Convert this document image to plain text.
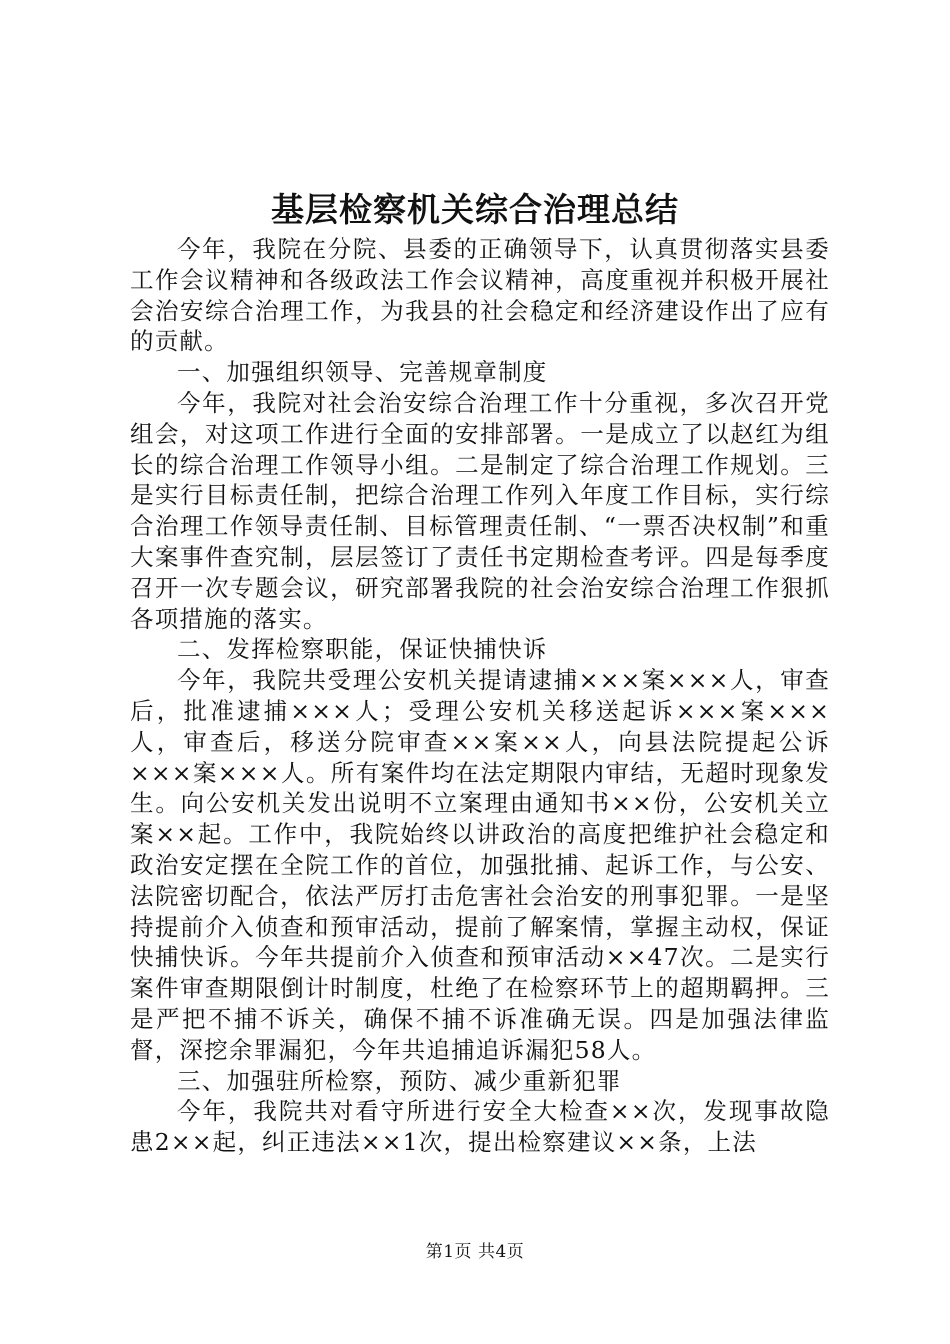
基层检察机关综合治理总结

今年，我院在分院、县委的正确领导下，认真贯彻落实县委工作会议精神和各级政法工作会议精神，高度重视并积极开展社会治安综合治理工作，为我县的社会稳定和经济建设作出了应有的贡献。

一、加强组织领导、完善规章制度

今年，我院对社会治安综合治理工作十分重视，多次召开党组会，对这项工作进行全面的安排部署。一是成立了以赵红为组长的综合治理工作领导小组。二是制定了综合治理工作规划。三是实行目标责任制，把综合治理工作列入年度工作目标，实行综合治理工作领导责任制、目标管理责任制、“一票否决权制”和重大案事件查究制，层层签订了责任书定期检查考评。四是每季度召开一次专题会议，研究部署我院的社会治安综合治理工作狠抓各项措施的落实。

二、发挥检察职能，保证快捕快诉

今年，我院共受理公安机关提请逮捕×××案×××人，审查后，批准逮捕×××人；受理公安机关移送起诉×××案×××人，审查后，移送分院审查××案××人，向县法院提起公诉×××案×××人。所有案件均在法定期限内审结，无超时现象发生。向公安机关发出说明不立案理由通知书××份，公安机关立案××起。工作中，我院始终以讲政治的高度把维护社会稳定和政治安定摆在全院工作的首位，加强批捕、起诉工作，与公安、法院密切配合，依法严厉打击危害社会治安的刑事犯罪。一是坚持提前介入侦查和预审活动，提前了解案情，掌握主动权，保证快捕快诉。今年共提前介入侦查和预审活动××47次。二是实行案件审查期限倒计时制度，杜绝了在检察环节上的超期羁押。三是严把不捕不诉关，确保不捕不诉准确无误。四是加强法律监督，深挖余罪漏犯，今年共追捕追诉漏犯58人。

三、加强驻所检察，预防、减少重新犯罪

今年，我院共对看守所进行安全大检查××次，发现事故隐患2××起，纠正违法××1次，提出检察建议××条，上法

第1页 共4页
